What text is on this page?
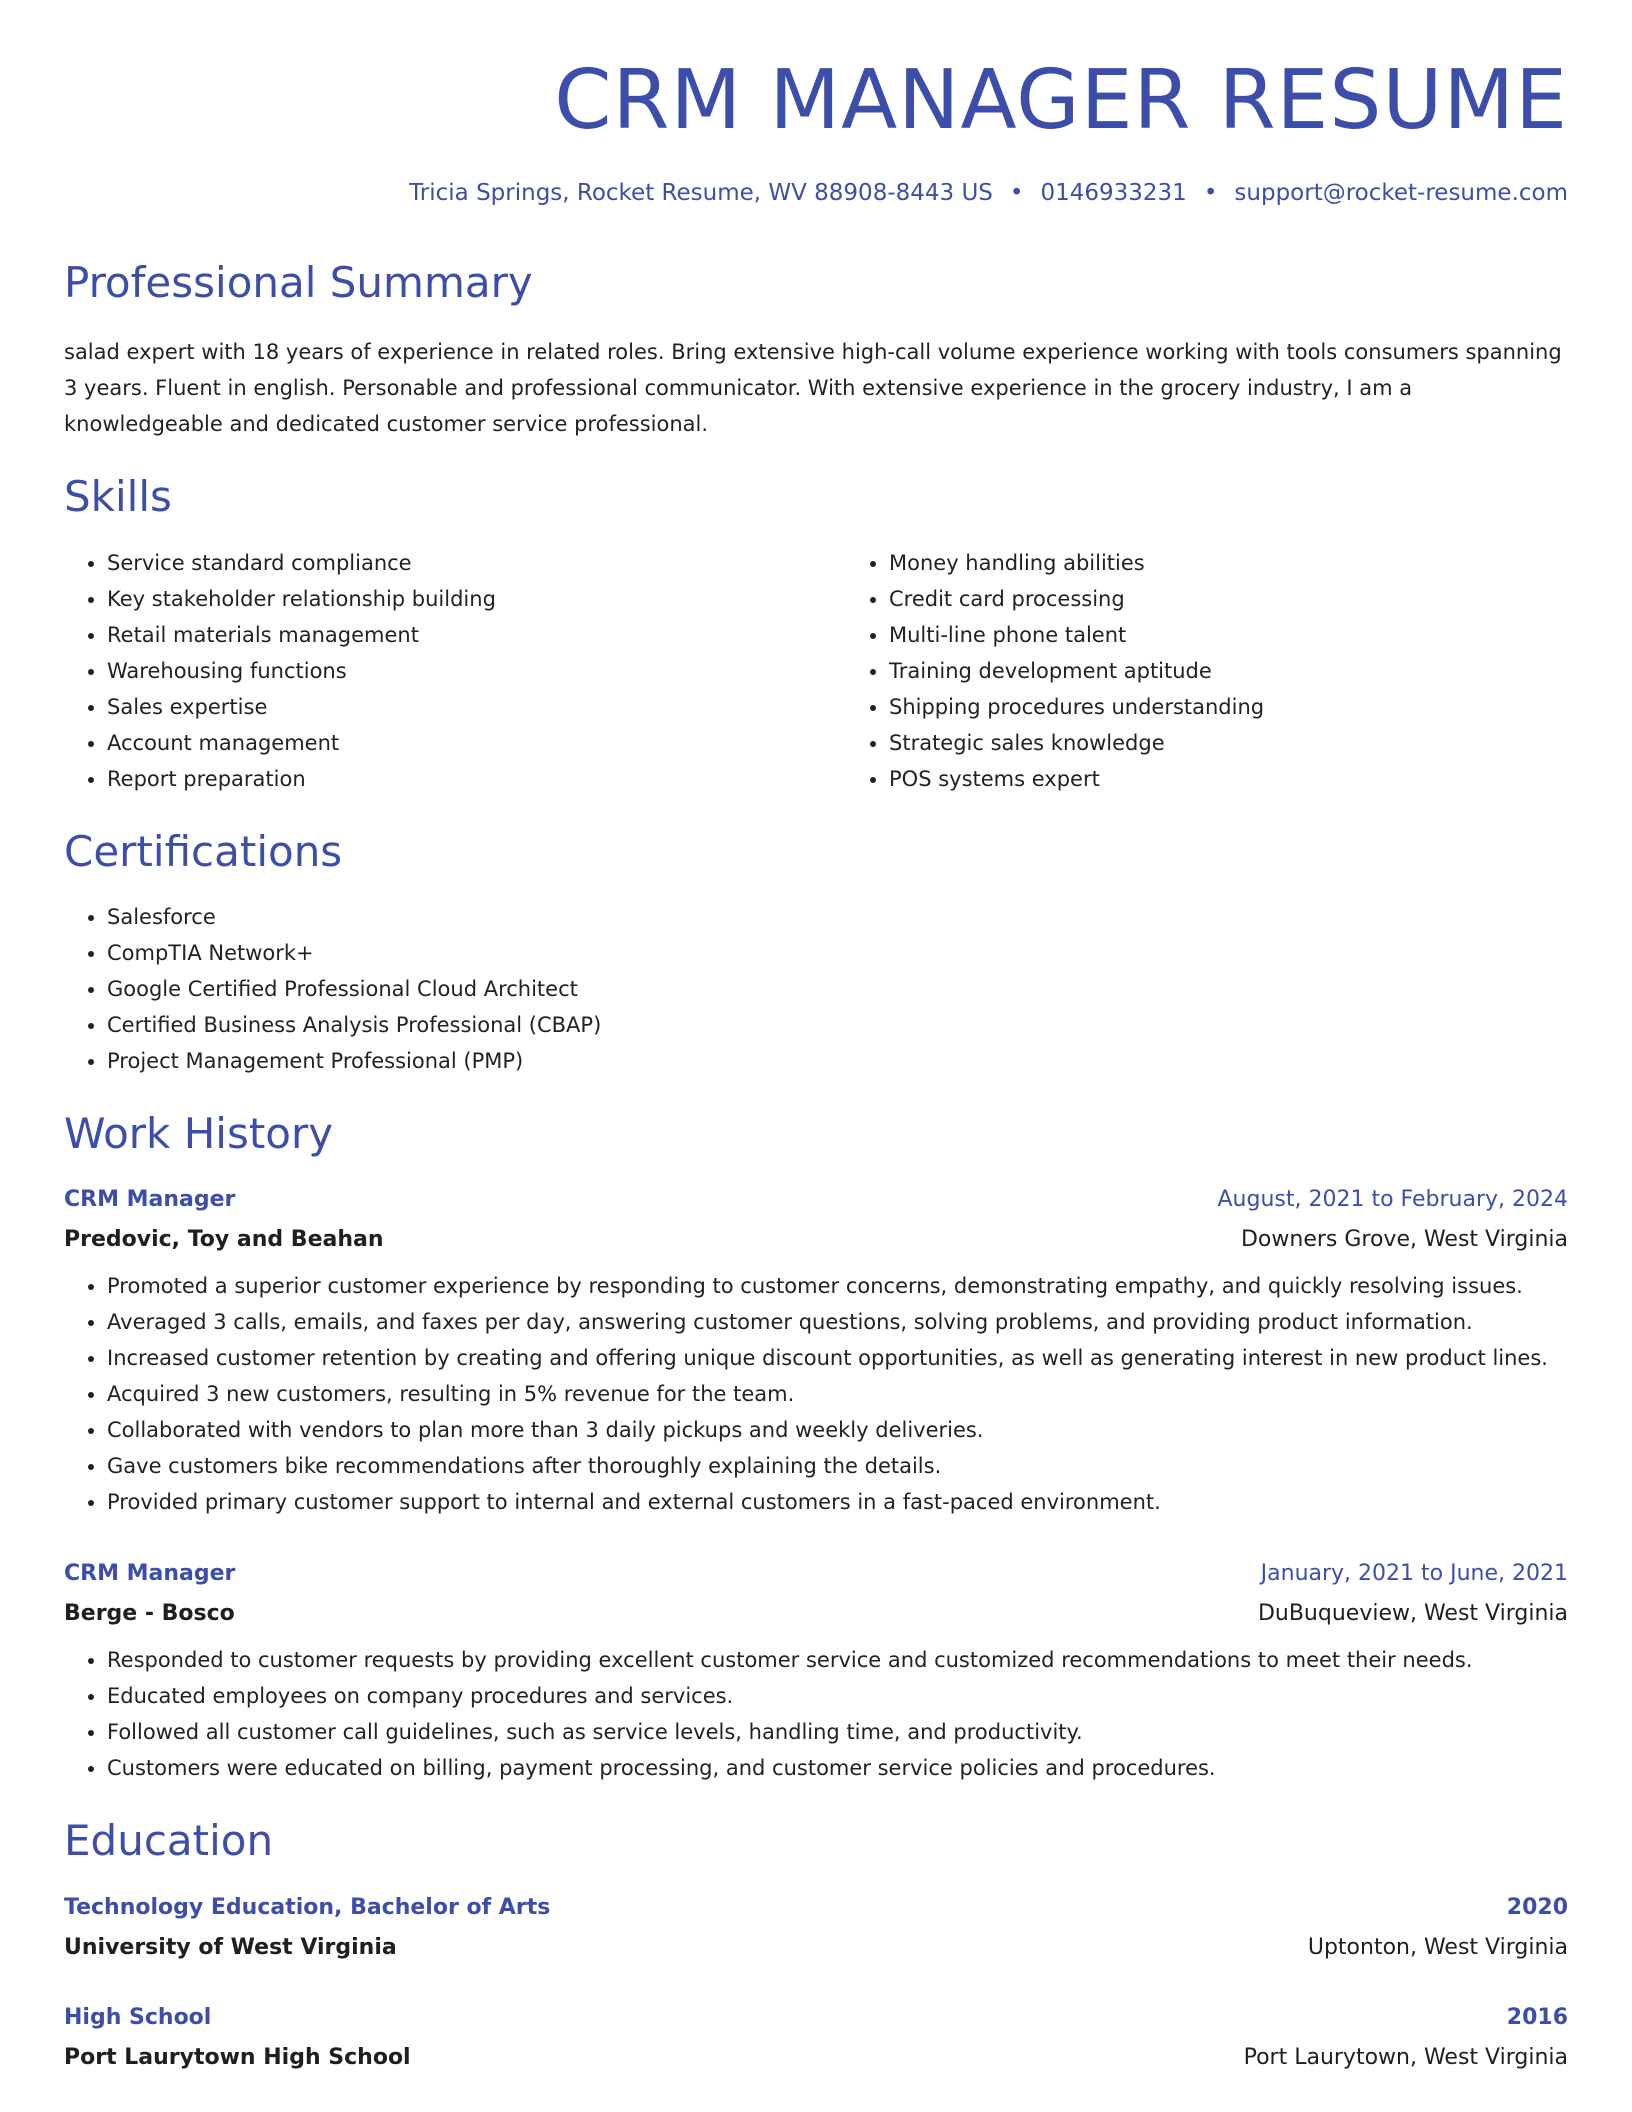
CRM MANAGER RESUME
Tricia Springs, Rocket Resume, WV 88908-8443 US • 0146933231 • support@rocket-resume.com
Professional Summary

salad expert with 18 years of experience in related roles. Bring extensive high-call volume experience working with tools consumers spanning 3 years. Fluent in english. Personable and professional communicator. With extensive experience in the grocery industry, I am a knowledgeable and dedicated customer service professional.

Skills
• Service standard compliance
• Key stakeholder relationship building
• Retail materials management
• Warehousing functions
• Sales expertise
• Account management
• Report preparation
• Money handling abilities
• Credit card processing
• Multi-line phone talent
• Training development aptitude
• Shipping procedures understanding
• Strategic sales knowledge
• POS systems expert
Certifications
• Salesforce
• CompTIA Network+
• Google Certified Professional Cloud Architect
• Certified Business Analysis Professional (CBAP)
• Project Management Professional (PMP)
Work History
CRM Manager	August, 2021 to February, 2024
Predovic, Toy and Beahan	Downers Grove, West Virginia
• Promoted a superior customer experience by responding to customer concerns, demonstrating empathy, and quickly resolving issues.
• Averaged 3 calls, emails, and faxes per day, answering customer questions, solving problems, and providing product information.
• Increased customer retention by creating and offering unique discount opportunities, as well as generating interest in new product lines.
• Acquired 3 new customers, resulting in 5% revenue for the team.
• Collaborated with vendors to plan more than 3 daily pickups and weekly deliveries.
• Gave customers bike recommendations after thoroughly explaining the details.
• Provided primary customer support to internal and external customers in a fast-paced environment.
CRM Manager	January, 2021 to June, 2021
Berge - Bosco	DuBuqueview, West Virginia
• Responded to customer requests by providing excellent customer service and customized recommendations to meet their needs.
• Educated employees on company procedures and services.
• Followed all customer call guidelines, such as service levels, handling time, and productivity.
• Customers were educated on billing, payment processing, and customer service policies and procedures.
Education
Technology Education, Bachelor of Arts	2020
University of West Virginia	Uptonton, West Virginia
High School	2016
Port Laurytown High School	Port Laurytown, West Virginia
